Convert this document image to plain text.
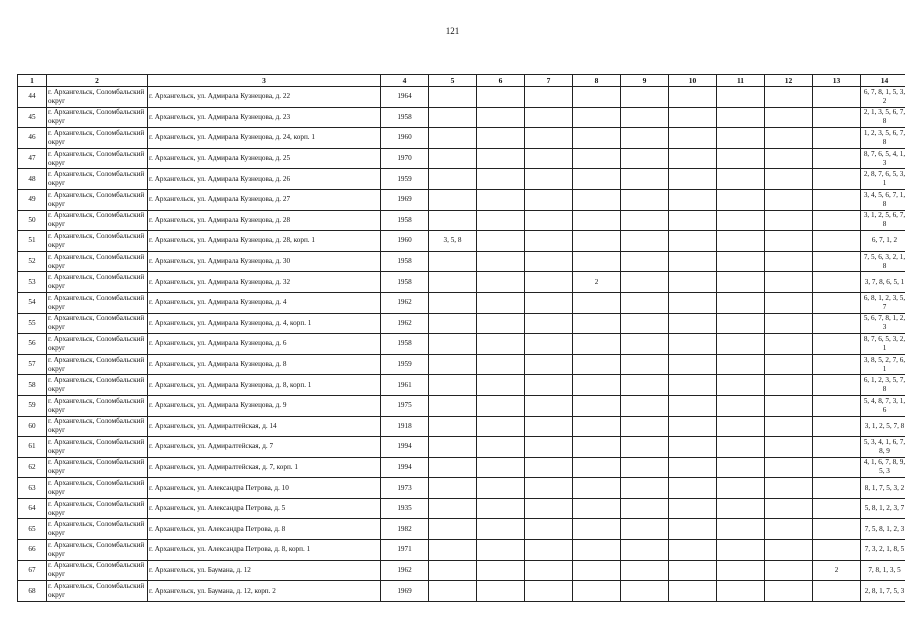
121
1	2	3	4	5	6	7	8	9	10	11	12	13	14
44	г. Архангельск, Соломбальский округ	г. Архангельск, ул. Адмирала Кузнецова, д. 22	1964										6, 7, 8, 1, 5, 3, 2
45	г. Архангельск, Соломбальский округ	г. Архангельск, ул. Адмирала Кузнецова, д. 23	1958										2, 1, 3, 5, 6, 7, 8
46	г. Архангельск, Соломбальский округ	г. Архангельск, ул. Адмирала Кузнецова, д. 24, корп. 1	1960										1, 2, 3, 5, 6, 7, 8
47	г. Архангельск, Соломбальский округ	г. Архангельск, ул. Адмирала Кузнецова, д. 25	1970										8, 7, 6, 5, 4, 1, 3
48	г. Архангельск, Соломбальский округ	г. Архангельск, ул. Адмирала Кузнецова, д. 26	1959										2, 8, 7, 6, 5, 3, 1
49	г. Архангельск, Соломбальский округ	г. Архангельск, ул. Адмирала Кузнецова, д. 27	1969										3, 4, 5, 6, 7, 1, 8
50	г. Архангельск, Соломбальский округ	г. Архангельск, ул. Адмирала Кузнецова, д. 28	1958										3, 1, 2, 5, 6, 7, 8
51	г. Архангельск, Соломбальский округ	г. Архангельск, ул. Адмирала Кузнецова, д. 28, корп. 1	1960	3, 5, 8									6, 7, 1, 2
52	г. Архангельск, Соломбальский округ	г. Архангельск, ул. Адмирала Кузнецова, д. 30	1958										7, 5, 6, 3, 2, 1, 8
53	г. Архангельск, Соломбальский округ	г. Архангельск, ул. Адмирала Кузнецова, д. 32	1958				2						3, 7, 8, 6, 5, 1
54	г. Архангельск, Соломбальский округ	г. Архангельск, ул. Адмирала Кузнецова, д. 4	1962										6, 8, 1, 2, 3, 5, 7
55	г. Архангельск, Соломбальский округ	г. Архангельск, ул. Адмирала Кузнецова, д. 4, корп. 1	1962										5, 6, 7, 8, 1, 2, 3
56	г. Архангельск, Соломбальский округ	г. Архангельск, ул. Адмирала Кузнецова, д. 6	1958										8, 7, 6, 5, 3, 2, 1
57	г. Архангельск, Соломбальский округ	г. Архангельск, ул. Адмирала Кузнецова, д. 8	1959										3, 8, 5, 2, 7, 6, 1
58	г. Архангельск, Соломбальский округ	г. Архангельск, ул. Адмирала Кузнецова, д. 8, корп. 1	1961										6, 1, 2, 3, 5, 7, 8
59	г. Архангельск, Соломбальский округ	г. Архангельск, ул. Адмирала Кузнецова, д. 9	1975										5, 4, 8, 7, 3, 1, 6
60	г. Архангельск, Соломбальский округ	г. Архангельск, ул. Адмиралтейская, д. 14	1918										3, 1, 2, 5, 7, 8
61	г. Архангельск, Соломбальский округ	г. Архангельск, ул. Адмиралтейская, д. 7	1994										5, 3, 4, 1, 6, 7, 8, 9
62	г. Архангельск, Соломбальский округ	г. Архангельск, ул. Адмиралтейская, д. 7, корп. 1	1994										4, 1, 6, 7, 8, 9, 5, 3
63	г. Архангельск, Соломбальский округ	г. Архангельск, ул. Александра Петрова, д. 10	1973										8, 1, 7, 5, 3, 2
64	г. Архангельск, Соломбальский округ	г. Архангельск, ул. Александра Петрова, д. 5	1935										5, 8, 1, 2, 3, 7
65	г. Архангельск, Соломбальский округ	г. Архангельск, ул. Александра Петрова, д. 8	1982										7, 5, 8, 1, 2, 3
66	г. Архангельск, Соломбальский округ	г. Архангельск, ул. Александра Петрова, д. 8, корп. 1	1971										7, 3, 2, 1, 8, 5
67	г. Архангельск, Соломбальский округ	г. Архангельск, ул. Баумана, д. 12	1962									2	7, 8, 1, 3, 5
68	г. Архангельск, Соломбальский округ	г. Архангельск, ул. Баумана, д. 12, корп. 2	1969										2, 8, 1, 7, 5, 3
